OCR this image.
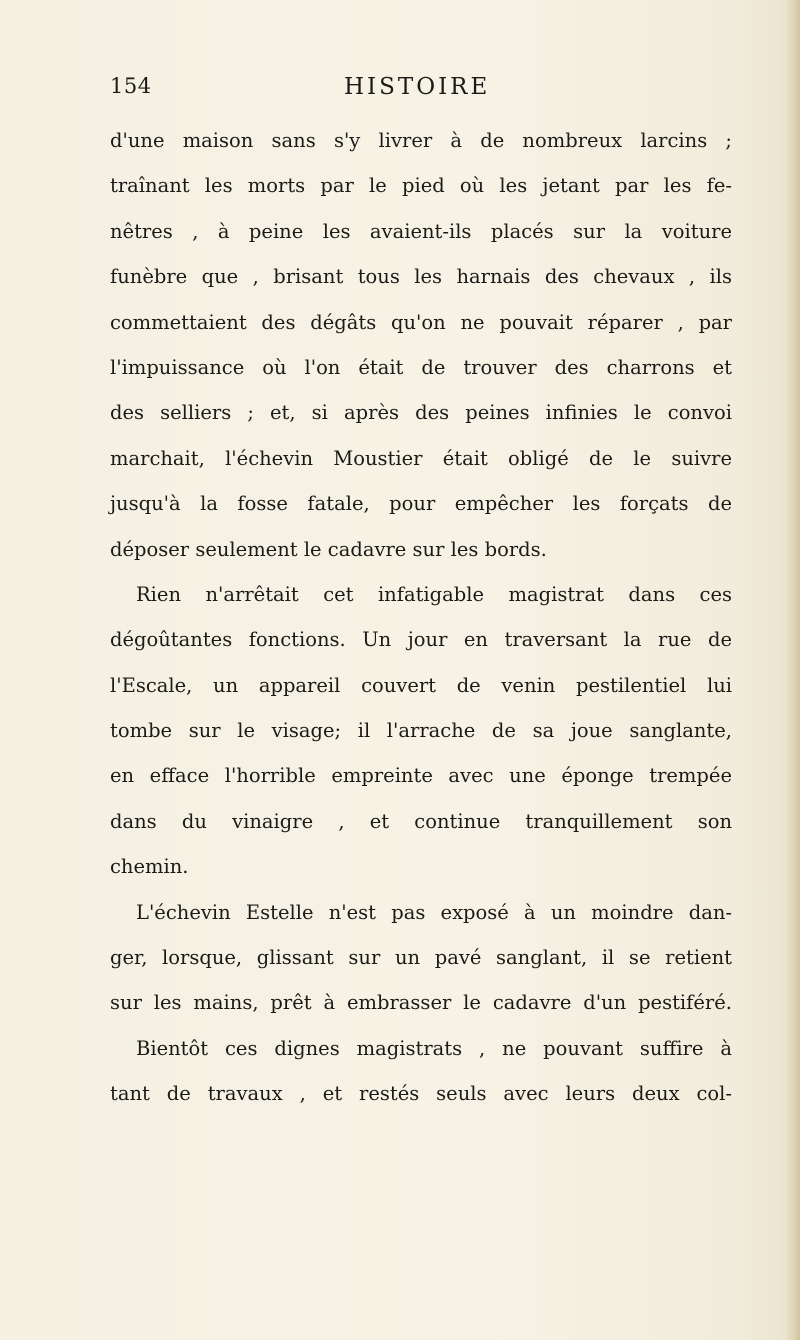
154	HISTOIRE
d'une maison sans s'y livrer à de nombreux larcins ;
traînant les morts par le pied où les jetant par les fe-
nêtres , à peine les avaient-ils placés sur la voiture
funèbre que , brisant tous les harnais des chevaux , ils
commettaient des dégâts qu'on ne pouvait réparer , par
l'impuissance où l'on était de trouver des charrons et
des selliers ; et, si après des peines infinies le convoi
marchait, l'échevin Moustier était obligé de le suivre
jusqu'à la fosse fatale, pour empêcher les forçats de
déposer seulement le cadavre sur les bords.
Rien n'arrêtait cet infatigable magistrat dans ces
dégoûtantes fonctions. Un jour en traversant la rue de
l'Escale, un appareil couvert de venin pestilentiel lui
tombe sur le visage; il l'arrache de sa joue sanglante,
en efface l'horrible empreinte avec une éponge trempée
dans du vinaigre , et continue tranquillement son
chemin.
L'échevin Estelle n'est pas exposé à un moindre dan-
ger, lorsque, glissant sur un pavé sanglant, il se retient
sur les mains, prêt à embrasser le cadavre d'un pestiféré.
Bientôt ces dignes magistrats , ne pouvant suffire à
tant de travaux , et restés seuls avec leurs deux col-
